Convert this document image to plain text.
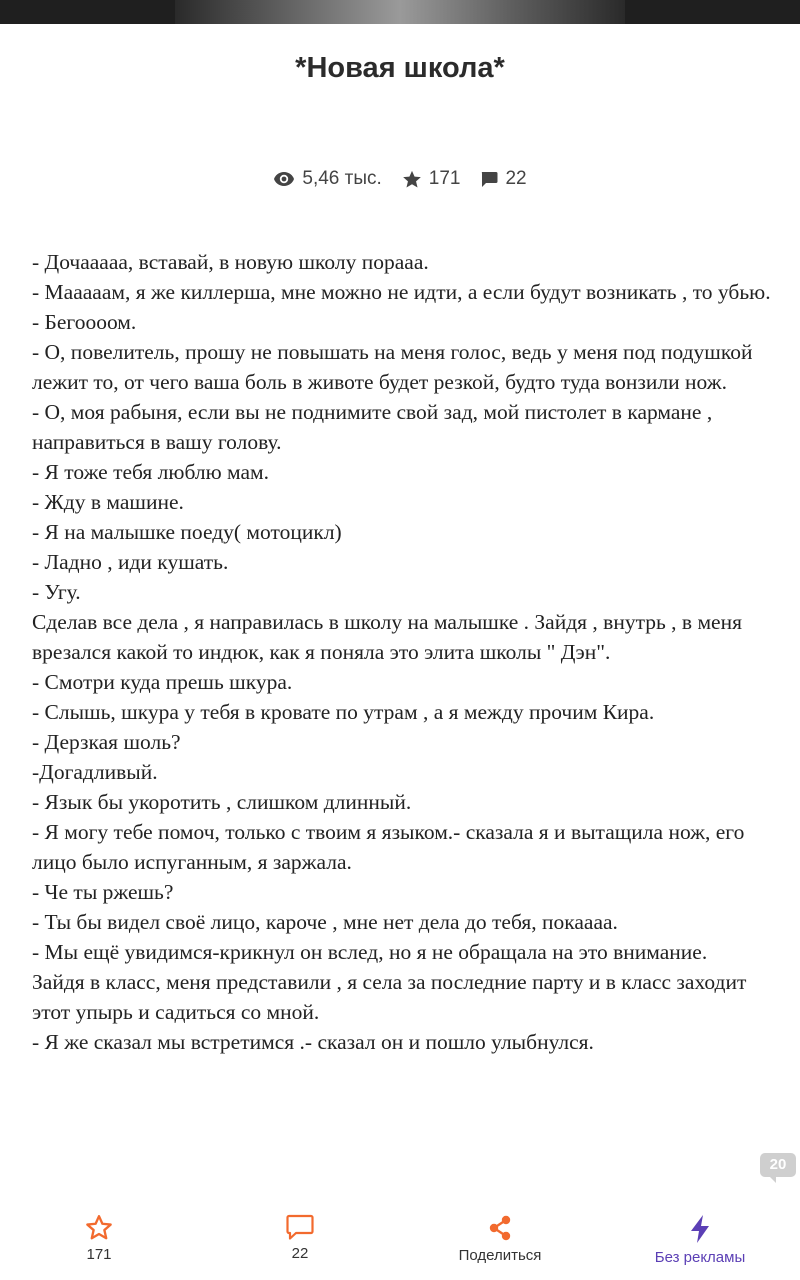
*Новая школа*
5,46 тыс. 171 22

- Дочааааа, вставай, в новую школу порааа.

- Мааааам, я же киллерша, мне можно не идти, а если будут возникать , то убью.

- Бегоооом.

- О, повелитель, прошу не повышать на меня голос, ведь у меня под подушкой лежит то, от чего ваша боль в животе будет резкой, будто туда вонзили нож.

- О, моя рабыня, если вы не поднимите свой зад, мой пистолет в кармане , направиться в вашу голову.

- Я тоже тебя люблю мам.

- Жду в машине.

- Я на малышке поеду( мотоцикл)

- Ладно , иди кушать.

- Угу.

Сделав все дела , я направилась в школу на малышке . Зайдя , внутрь , в меня врезался какой то индюк, как я поняла это элита школы " Дэн".

- Смотри куда прешь шкура.

- Слышь, шкура у тебя в кровате по утрам , а я между прочим Кира.

- Дерзкая шоль?

-Догадливый.

- Язык бы укоротить , слишком длинный.

- Я могу тебе помоч, только с твоим я языком.- сказала я и вытащила нож, его лицо было испуганным, я заржала.

- Че ты ржешь?

- Ты бы видел своё лицо, кароче , мне нет дела до тебя, покаааа.

- Мы ещё увидимся-крикнул он вслед, но я не обращала на это внимание.

Зайдя в класс, меня представили , я села за последние парту и в класс заходит этот упырь и садиться со мной.

- Я же сказал мы встретимся .- сказал он и пошло улыбнулся.

20
171	22	Поделиться	Без рекламы
